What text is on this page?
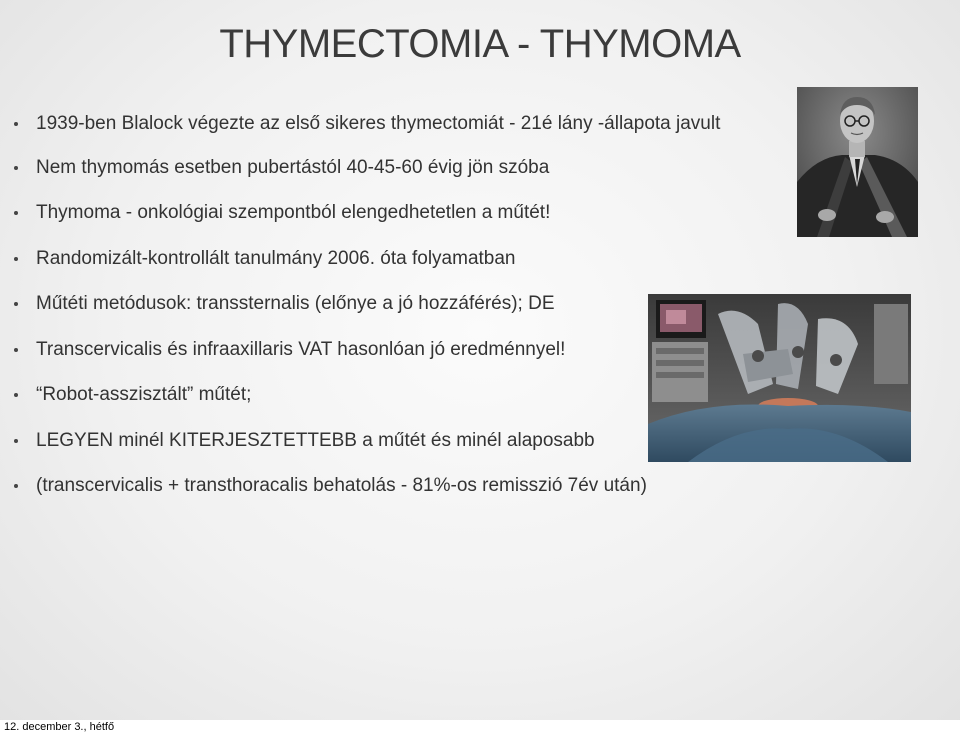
THYMECTOMIA - THYMOMA
1939-ben Blalock végezte az első sikeres thymectomiát - 21é lány -állapota javult
Nem thymomás esetben pubertástól 40-45-60 évig jön szóba
Thymoma - onkológiai szempontból elengedhetetlen a műtét!
Randomizált-kontrollált tanulmány 2006. óta folyamatban
Műtéti metódusok: transsternalis (előnye a jó hozzáférés); DE
Transcervicalis és infraaxillaris VAT hasonlóan jó eredménnyel!
“Robot-asszisztált” műtét;
LEGYEN minél KITERJESZTETTEBB a műtét és minél alaposabb
(transcervicalis + transthoracalis behatolás - 81%-os remisszió 7év után)
12. december 3., hétfő
